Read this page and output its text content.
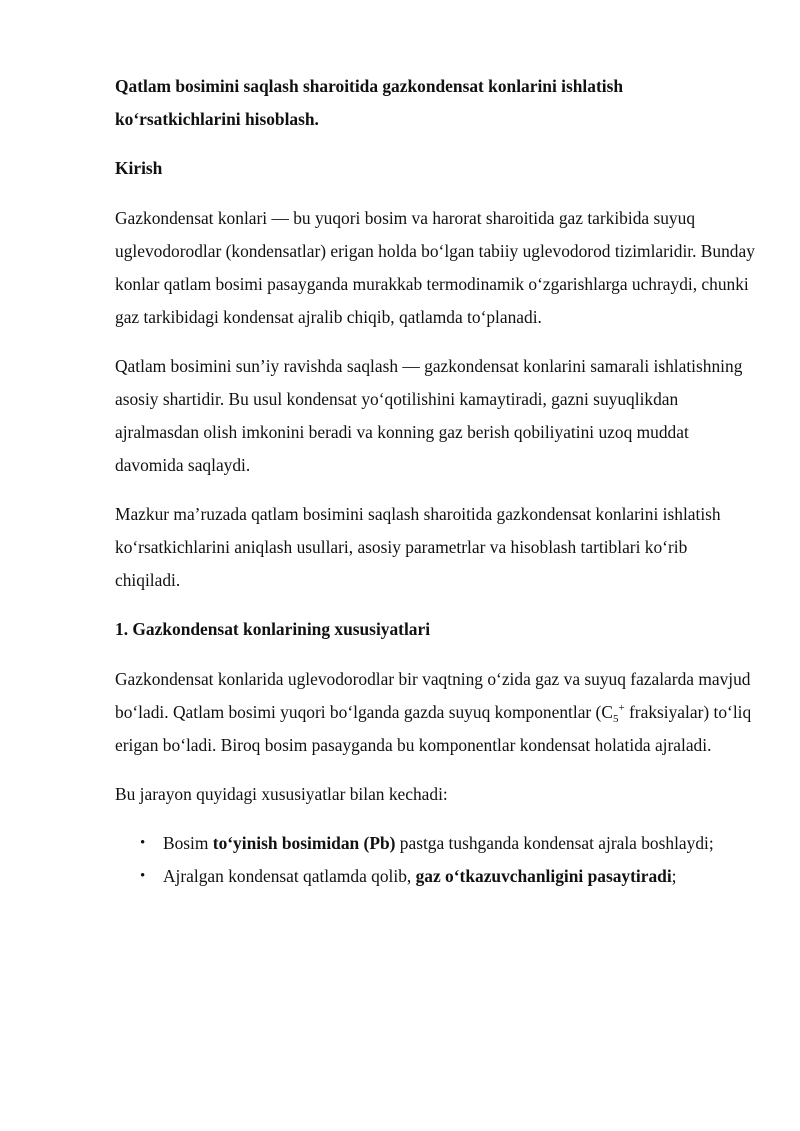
Qatlam bosimini saqlash sharoitida gazkondensat konlarini ishlatish
ko‘rsatkichlarini hisoblash.
Kirish

Gazkondensat konlari — bu yuqori bosim va harorat sharoitida gaz tarkibida suyuq uglevodorodlar (kondensatlar) erigan holda bo‘lgan tabiiy uglevodorod tizimlaridir. Bunday konlar qatlam bosimi pasayganda murakkab termodinamik o‘zgarishlarga uchraydi, chunki gaz tarkibidagi kondensat ajralib chiqib, qatlamda to‘planadi.

Qatlam bosimini sun’iy ravishda saqlash — gazkondensat konlarini samarali ishlatishning asosiy shartidir. Bu usul kondensat yo‘qotilishini kamaytiradi, gazni suyuqlikdan ajralmasdan olish imkonini beradi va konning gaz berish qobiliyatini uzoq muddat davomida saqlaydi.

Mazkur ma’ruzada qatlam bosimini saqlash sharoitida gazkondensat konlarini ishlatish ko‘rsatkichlarini aniqlash usullari, asosiy parametrlar va hisoblash tartiblari ko‘rib chiqiladi.

1. Gazkondensat konlarining xususiyatlari

Gazkondensat konlarida uglevodorodlar bir vaqtning o‘zida gaz va suyuq fazalarda mavjud bo‘ladi. Qatlam bosimi yuqori bo‘lganda gazda suyuq komponentlar ($C_5^+$ fraksiyalar) to‘liq erigan bo‘ladi. Biroq bosim pasayganda bu komponentlar kondensat holatida ajraladi.

Bu jarayon quyidagi xususiyatlar bilan kechadi:

• Bosim to‘yinish bosimidan (Pb) pastga tushganda kondensat ajrala boshlaydi;
• Ajralgan kondensat qatlamda qolib, gaz o‘tkazuvchanligini pasaytiradi;
